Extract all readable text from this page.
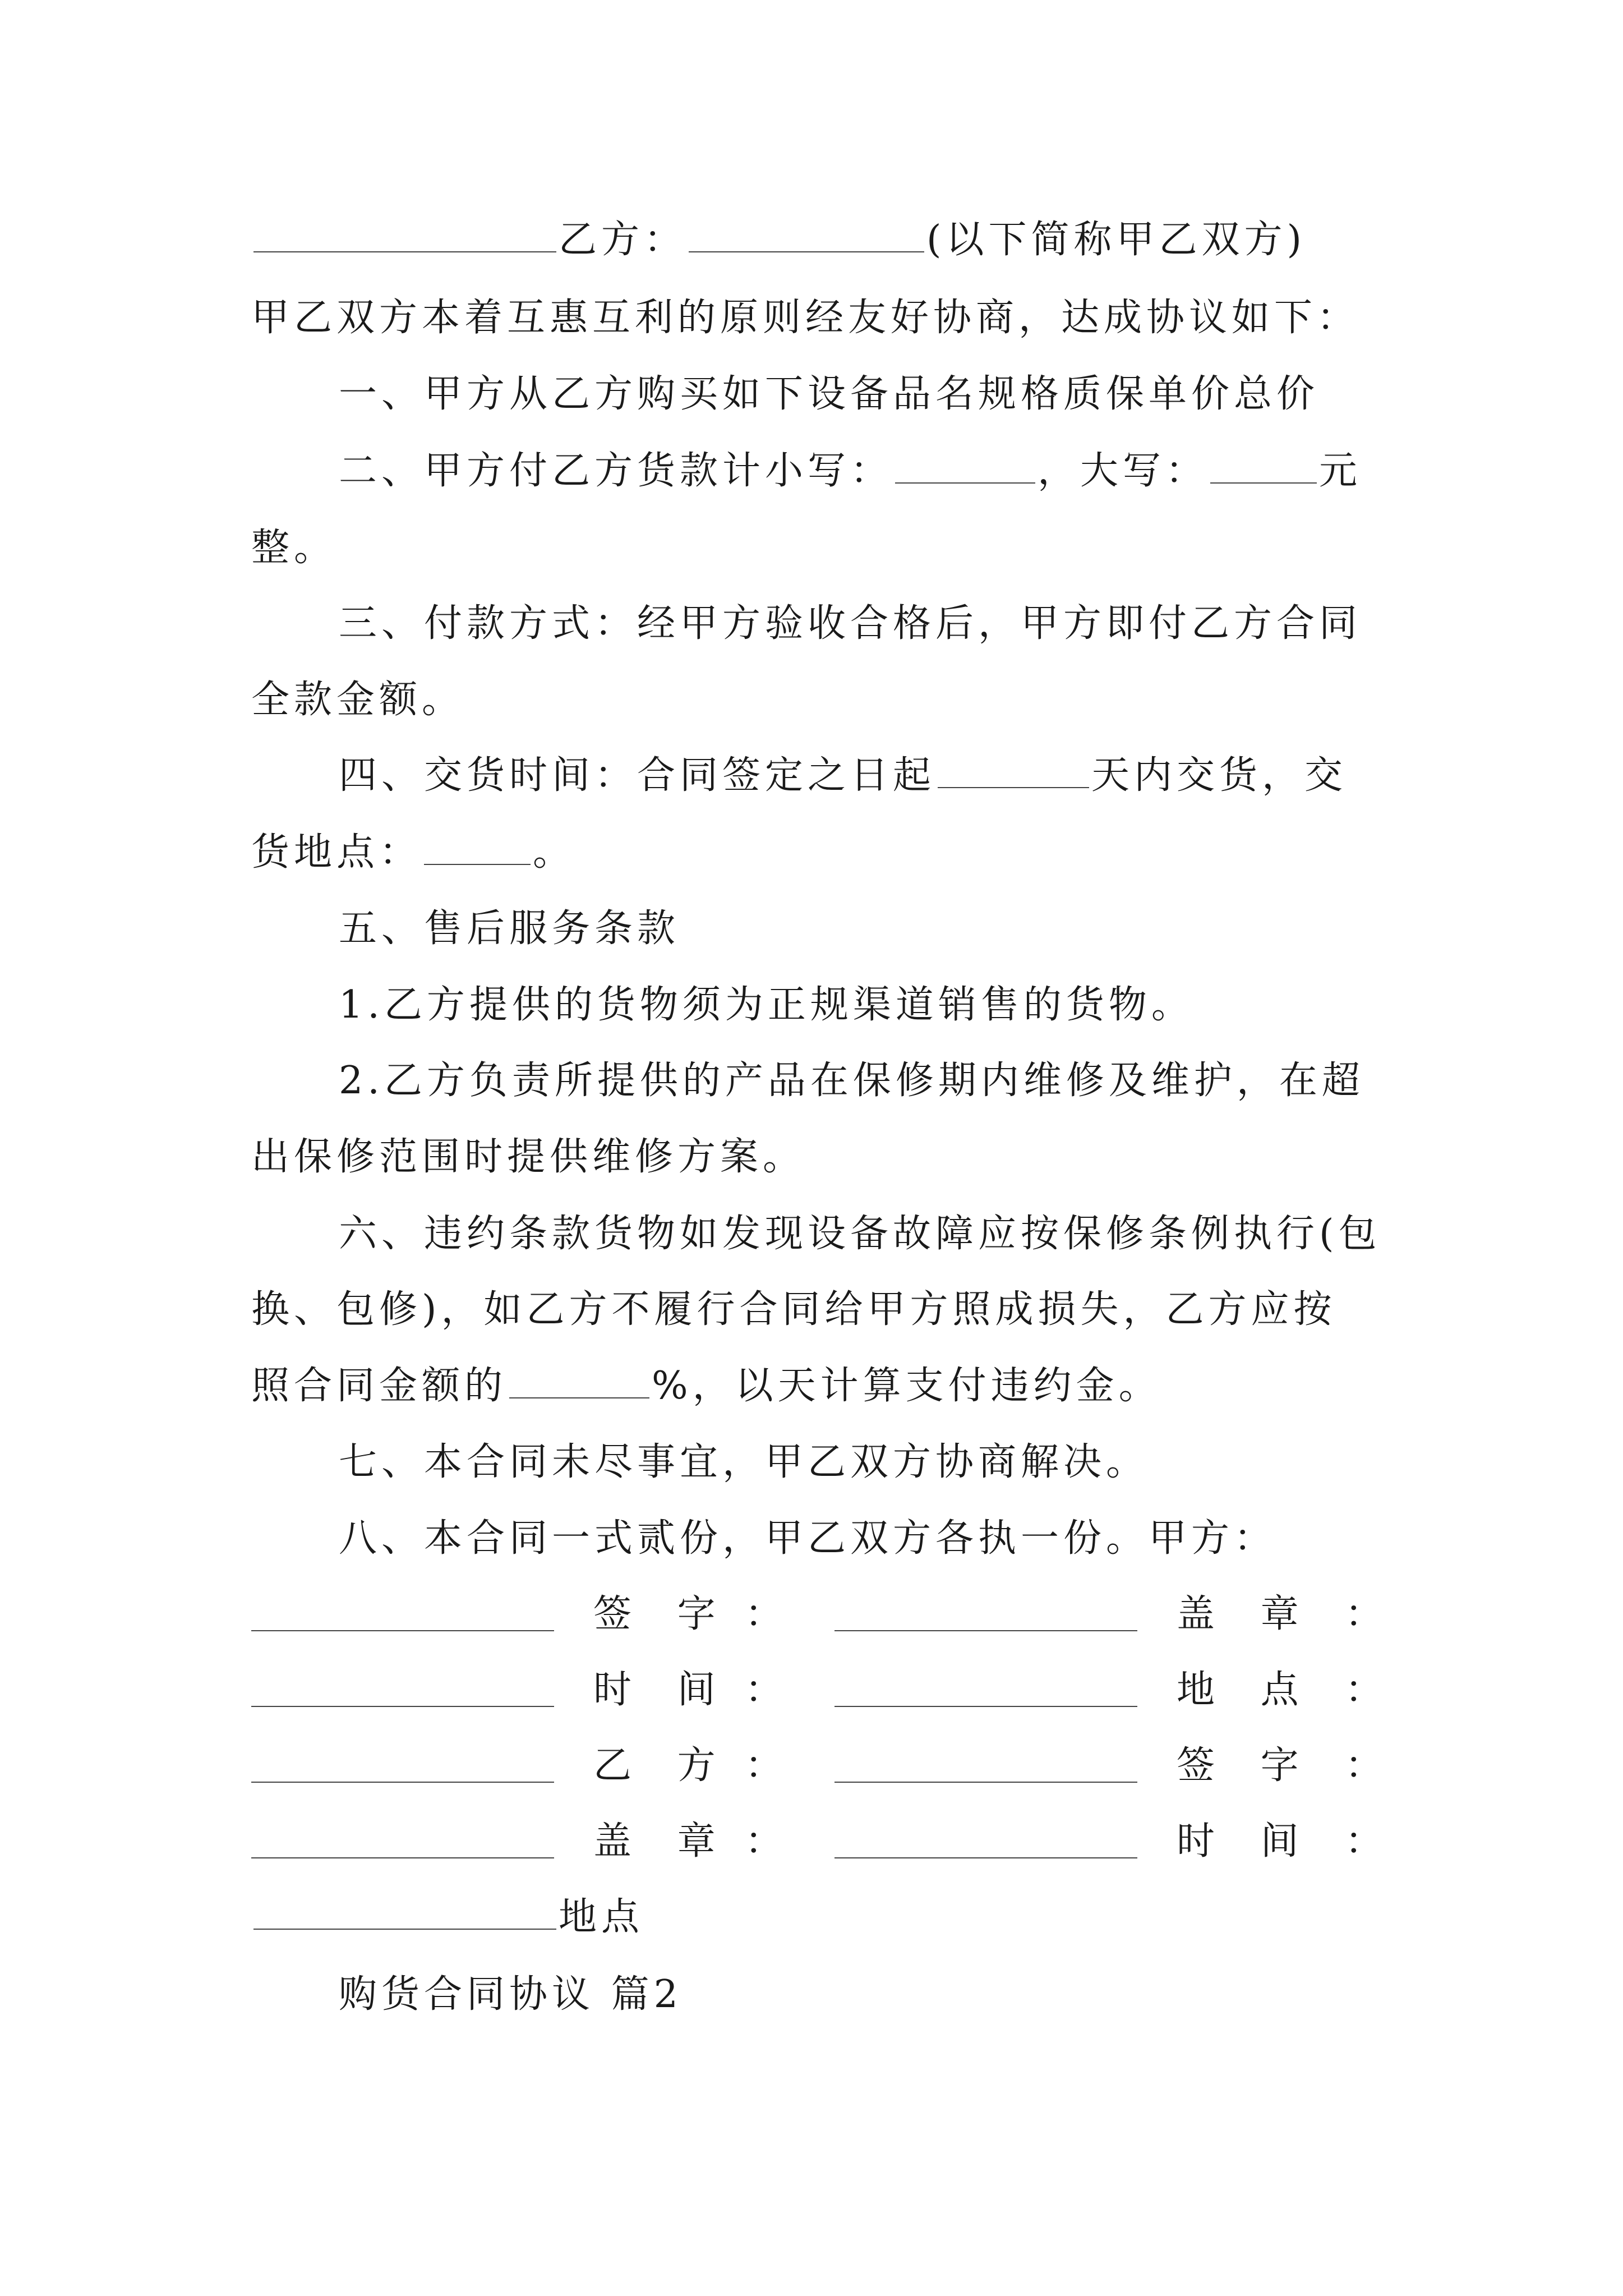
乙方：	(以下简称甲乙双方)
甲乙双方本着互惠互利的原则经友好协商，达成协议如下：
一、甲方从乙方购买如下设备品名规格质保单价总价
二、甲方付乙方货款计小写：	，大写：	元
整。
三、付款方式：经甲方验收合格后，甲方即付乙方合同
全款金额。
四、交货时间：合同签定之日起	天内交货，交
货地点：	。
五、售后服务条款
1.乙方提供的货物须为正规渠道销售的货物。
2.乙方负责所提供的产品在保修期内维修及维护，在超
出保修范围时提供维修方案。
六、违约条款货物如发现设备故障应按保修条例执行(包
换、包修)，如乙方不履行合同给甲方照成损失，乙方应按
照合同金额的	%，以天计算支付违约金。
七、本合同未尽事宜，甲乙双方协商解决。
八、本合同一式贰份，甲乙双方各执一份。甲方：
签 字 ：	盖 章 ：
时 间 ：	地 点 ：
乙 方 ：	签 字 ：
盖 章 ：	时 间 ：
地点
购货合同协议 篇2
